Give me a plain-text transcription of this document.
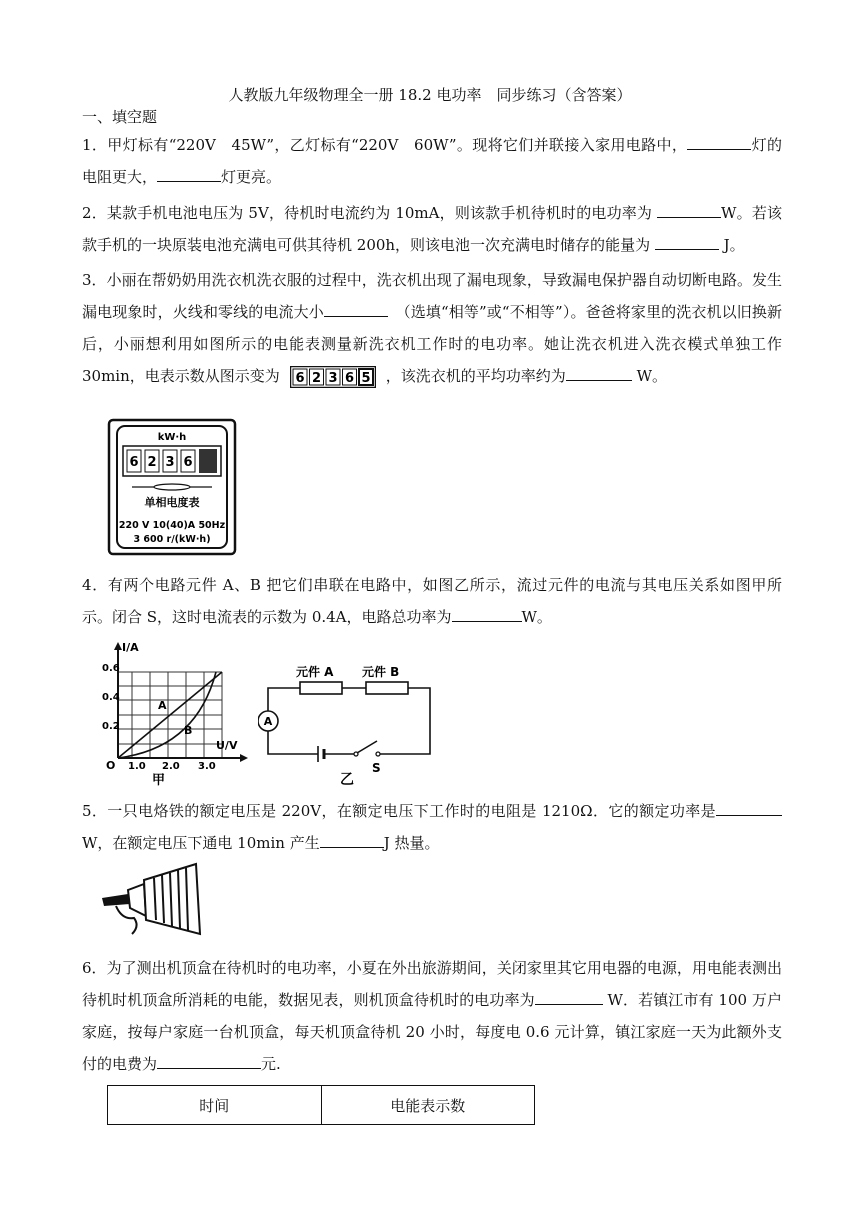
人教版九年级物理全一册 18.2 电功率　同步练习（含答案）
一、填空题
1．甲灯标有“220V　45W”，乙灯标有“220V　60W”。现将它们并联接入家用电路中，	灯的电阻更大，	灯更亮。
2．某款手机电池电压为 5V，待机时电流约为 10mA，则该款手机待机时的电功率为	W。若该款手机的一块原装电池充满电可供其待机 200h，则该电池一次充满电时储存的能量为	J。
3．小丽在帮奶奶用洗衣机洗衣服的过程中，洗衣机出现了漏电现象，导致漏电保护器自动切断电路。发生漏电现象时，火线和零线的电流大小	　（选填“相等”或“不相等”）。爸爸将家里的洗衣机以旧换新后，小丽想利用如图所示的电能表测量新洗衣机工作时的电功率。她让洗衣机进入洗衣模式单独工作 30min，电表示数从图示变为 6 2 3 6 5 ，该洗衣机的平均功率约为	W。
kW·h
6 2 3 6
单相电度表
220 V 10(40)A 50Hz
3 600 r/(kW·h)
4．有两个电路元件 A、B 把它们串联在电路中，如图乙所示，流过元件的电流与其电压关系如图甲所示。闭合 S，这时电流表的示数为 0.4A，电路总功率为	W。
I/A
U/V
0.6
0.4
0.2
O 1.0 2.0 3.0
A
B
甲
元件 A 元件 B
A
S
乙
5．一只电烙铁的额定电压是 220V，在额定电压下工作时的电阻是 1210Ω．它的额定功率是W，在额定电压下通电 10min 产生	J 热量。
6．为了测出机顶盒在待机时的电功率，小夏在外出旅游期间，关闭家里其它用电器的电源，用电能表测出待机时机顶盒所消耗的电能，数据见表，则机顶盒待机时的电功率为	W．若镇江市有 100 万户家庭，按每户家庭一台机顶盒，每天机顶盒待机 20 小时，每度电 0.6 元计算，镇江家庭一天为此额外支付的电费为	元.
时间	电能表示数
